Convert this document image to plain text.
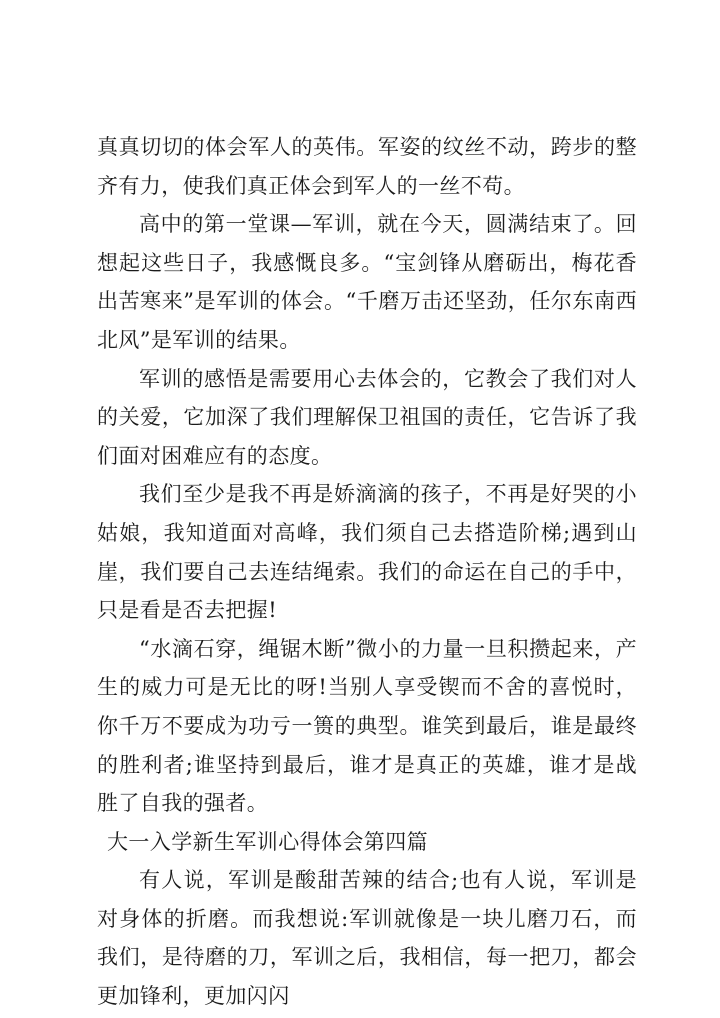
真真切切的体会军人的英伟。军姿的纹丝不动，跨步的整齐有力，使我们真正体会到军人的一丝不苟。

高中的第一堂课—军训，就在今天，圆满结束了。回想起这些日子，我感慨良多。“宝剑锋从磨砺出，梅花香出苦寒来”是军训的体会。“千磨万击还坚劲，任尔东南西北风”是军训的结果。

军训的感悟是需要用心去体会的，它教会了我们对人的关爱，它加深了我们理解保卫祖国的责任，它告诉了我们面对困难应有的态度。

我们至少是我不再是娇滴滴的孩子，不再是好哭的小姑娘，我知道面对高峰，我们须自己去搭造阶梯;遇到山崖，我们要自己去连结绳索。我们的命运在自己的手中，只是看是否去把握!

“水滴石穿，绳锯木断”微小的力量一旦积攒起来，产生的威力可是无比的呀!当别人享受锲而不舍的喜悦时，你千万不要成为功亏一篑的典型。谁笑到最后，谁是最终的胜利者;谁坚持到最后，谁才是真正的英雄，谁才是战胜了自我的强者。

大一入学新生军训心得体会第四篇

有人说，军训是酸甜苦辣的结合;也有人说，军训是对身体的折磨。而我想说:军训就像是一块儿磨刀石，而我们，是待磨的刀，军训之后，我相信，每一把刀，都会更加锋利，更加闪闪
